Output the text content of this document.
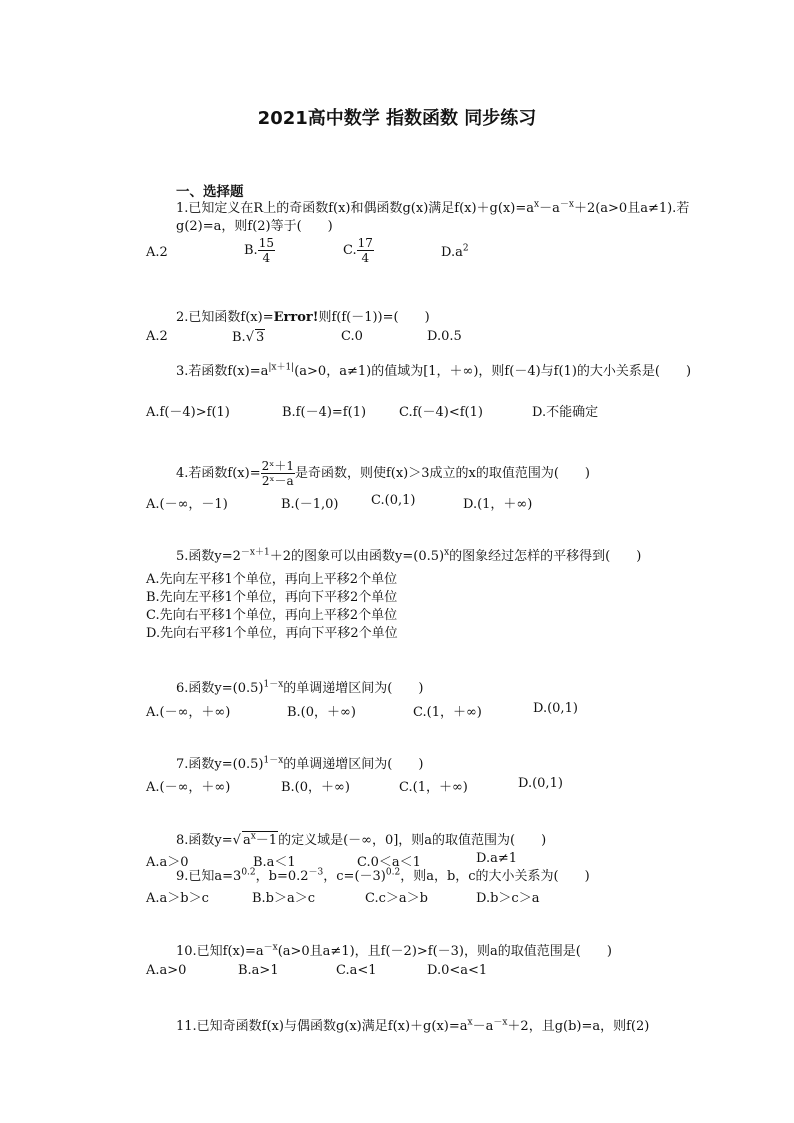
2021高中数学 指数函数 同步练习
一、选择题
1.已知定义在R上的奇函数f(x)和偶函数g(x)满足$f(x)+g(x)=a^x-a^{-x}+2(a>0$且a≠1).若g(2)=a，则f(2)等于(　　)
A.2	B. $\frac{15}{4}$	C. $\frac{17}{4}$	$D.a^2$
2.已知函数f(x)=Error!则f(f(－1))=(　　)
A.2	B.√ 3	C.0	D.0.5
3.若函数$f(x)=a^{|x+1|}(a>0$，a≠1)的值域为[1，＋∞)，则f(－4)与f(1)的大小关系是(　　)
A.f(－4)>f(1)	B.f(－4)=f(1)	C.f(－4)<f(1)	D.不能确定
4.若函数$f(x)= \frac{\text{2ˣ＋1}}{\text{2ˣ－a}}$ 是奇函数，则使f(x)＞3成立的x的取值范围为(　　)
A.(－∞，－1)	B.(－1,0) C.(0,1)	D.(1，＋∞)
5.函数$y=2^{-x+1}+2$的图象可以由函数$y=(0.5)^x$的图象经过怎样的平移得到(　　)
A.先向左平移1个单位，再向上平移2个单位
B.先向左平移1个单位，再向下平移2个单位
C.先向右平移1个单位，再向上平移2个单位
D.先向右平移1个单位，再向下平移2个单位
6.函数$y=(0.5)^{1-x}$的单调递增区间为(　　)
A.(－∞，＋∞)	B.(0，＋∞)	C.(1，＋∞)	D.(0,1)
7.函数$y=(0.5)^{1-x}$的单调递增区间为(　　)
A.(－∞，＋∞)	B.(0，＋∞)	C.(1，＋∞)	D.(0,1)
8.函数y=√ $a^x-1$的定义域是(－∞，0]，则a的取值范围为(　　)
A.a＞0	B.a＜1	C.0＜a＜1	D.a≠1
9.已知$a=3^{0.2}$，$b=0.2^{-3}$，$c=(-3)^{0.2}$，则a，b，c的大小关系为(　　)
A.a＞b＞c	B.b＞a＞c	C.c＞a＞b	D.b＞c＞a
10.已知$f(x)=a^{-x}(a>0$且a≠1)，且f(－2)>f(－3)，则a的取值范围是(　　)
A.a>0	B.a>1	C.a<1	D.0<a<1
11.已知奇函数f(x)与偶函数g(x)满足$f(x)+g(x)=a^x-a^{-x}+2$，且g(b)=a，则f(2)
